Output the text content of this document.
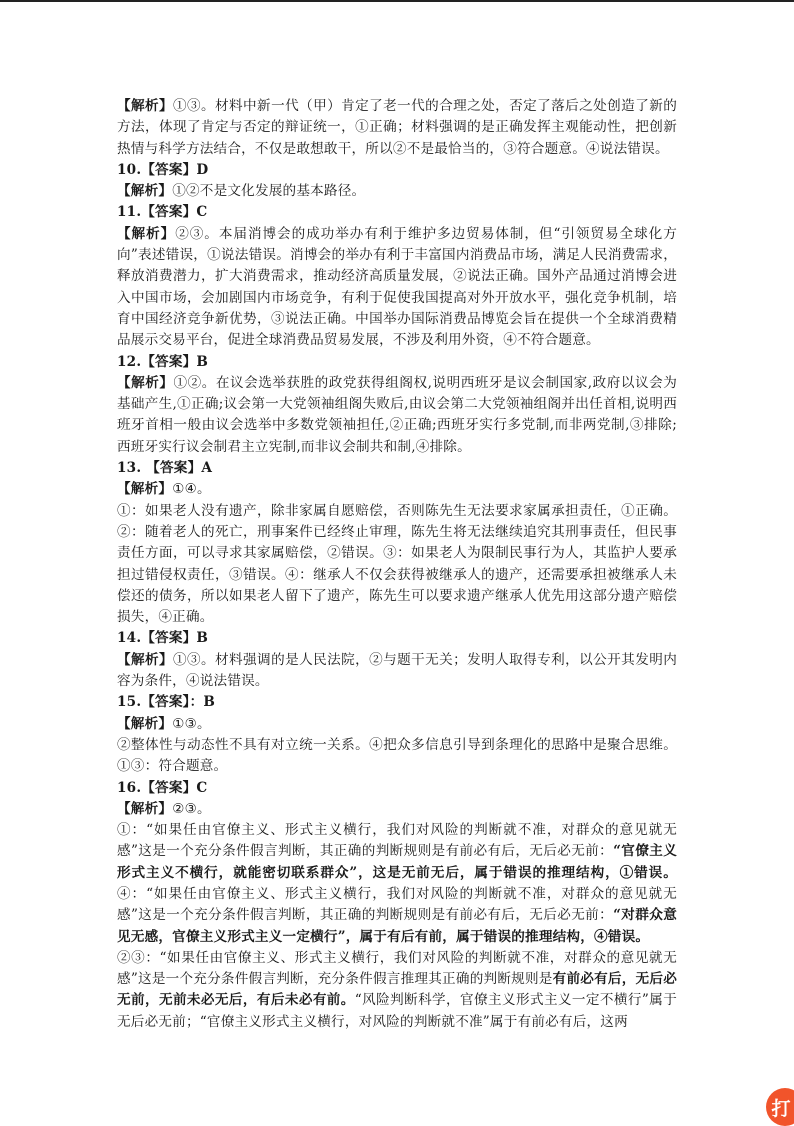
【解析】①③。材料中新一代（甲）肯定了老一代的合理之处，否定了落后之处创造了新的方法，体现了肯定与否定的辩证统一，①正确；材料强调的是正确发挥主观能动性，把创新热情与科学方法结合，不仅是敢想敢干，所以②不是最恰当的，③符合题意。④说法错误。

10.【答案】D

【解析】①②不是文化发展的基本路径。

11.【答案】C

【解析】②③。本届消博会的成功举办有利于维护多边贸易体制，但“引领贸易全球化方向”表述错误，①说法错误。消博会的举办有利于丰富国内消费品市场，满足人民消费需求，释放消费潜力，扩大消费需求，推动经济高质量发展，②说法正确。国外产品通过消博会进入中国市场，会加剧国内市场竞争，有利于促使我国提高对外开放水平，强化竞争机制，培育中国经济竞争新优势，③说法正确。中国举办国际消费品博览会旨在提供一个全球消费精品展示交易平台，促进全球消费品贸易发展，不涉及利用外资，④不符合题意。

12.【答案】B

【解析】①②。在议会选举获胜的政党获得组阁权,说明西班牙是议会制国家,政府以议会为基础产生,①正确;议会第一大党领袖组阁失败后,由议会第二大党领袖组阁并出任首相,说明西班牙首相一般由议会选举中多数党领袖担任,②正确;西班牙实行多党制,而非两党制,③排除;西班牙实行议会制君主立宪制,而非议会制共和制,④排除。

13. 【答案】A

【解析】①④。

①：如果老人没有遗产，除非家属自愿赔偿，否则陈先生无法要求家属承担责任，①正确。②：随着老人的死亡，刑事案件已经终止审理，陈先生将无法继续追究其刑事责任，但民事责任方面，可以寻求其家属赔偿，②错误。③：如果老人为限制民事行为人，其监护人要承担过错侵权责任，③错误。④：继承人不仅会获得被继承人的遗产，还需要承担被继承人未偿还的债务，所以如果老人留下了遗产，陈先生可以要求遗产继承人优先用这部分遗产赔偿损失，④正确。

14.【答案】B

【解析】①③。材料强调的是人民法院，②与题干无关；发明人取得专利，以公开其发明内容为条件，④说法错误。

15.【答案】：B

【解析】①③。

②整体性与动态性不具有对立统一关系。④把众多信息引导到条理化的思路中是聚合思维。①③：符合题意。

16.【答案】C

【解析】②③。

①：“如果任由官僚主义、形式主义横行，我们对风险的判断就不准，对群众的意见就无感”这是一个充分条件假言判断，其正确的判断规则是有前必有后，无后必无前：“官僚主义形式主义不横行，就能密切联系群众”，这是无前无后，属于错误的推理结构，①错误。④：“如果任由官僚主义、形式主义横行，我们对风险的判断就不准，对群众的意见就无感”这是一个充分条件假言判断，其正确的判断规则是有前必有后，无后必无前：“对群众意见无感，官僚主义形式主义一定横行”，属于有后有前，属于错误的推理结构，④错误。

②③：“如果任由官僚主义、形式主义横行，我们对风险的判断就不准，对群众的意见就无感”这是一个充分条件假言判断，充分条件假言推理其正确的判断规则是有前必有后，无后必无前，无前未必无后，有后未必有前。“风险判断科学，官僚主义形式主义一定不横行”属于无后必无前；“官僚主义形式主义横行，对风险的判断就不准”属于有前必有后，这两

打
